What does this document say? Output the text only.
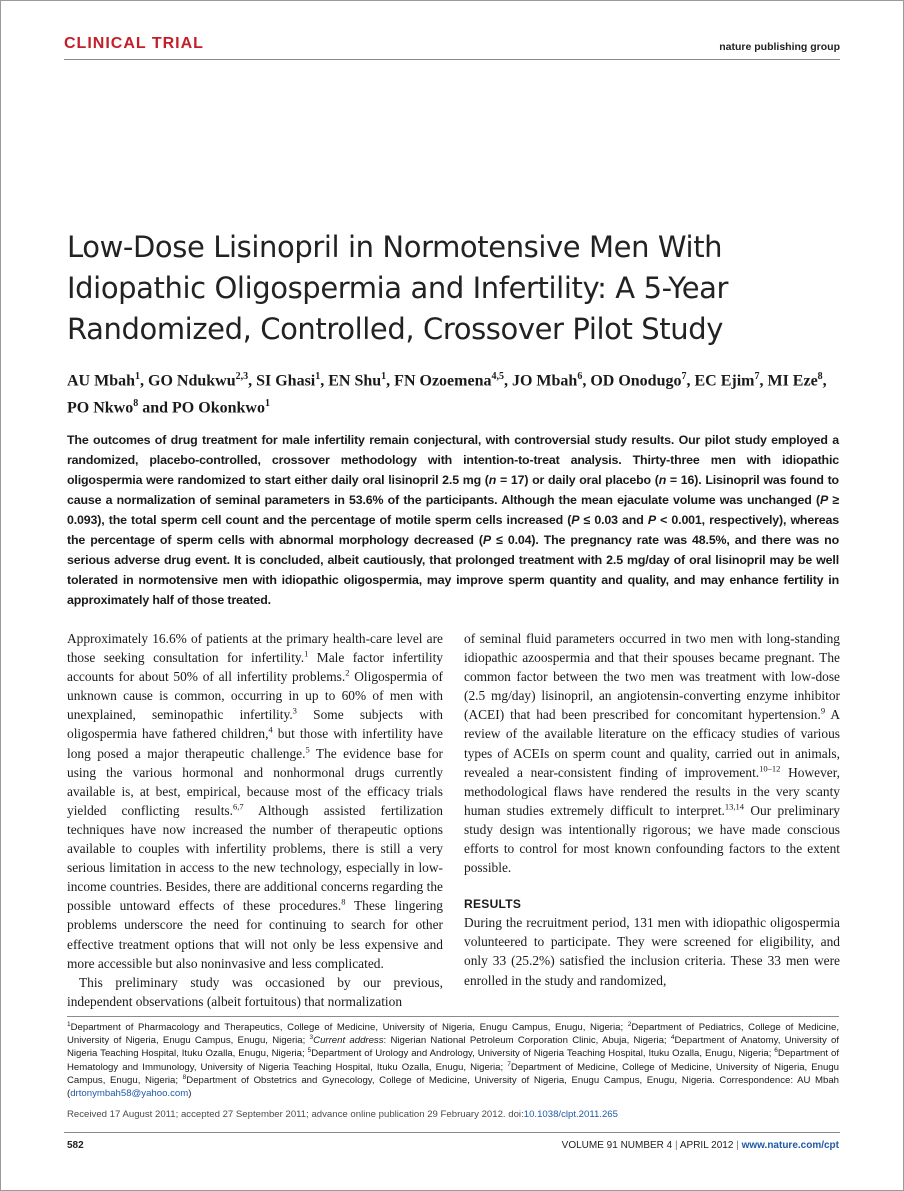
CLINICAL TRIAL	nature publishing group
Low-Dose Lisinopril in Normotensive Men With Idiopathic Oligospermia and Infertility: A 5-Year Randomized, Controlled, Crossover Pilot Study
AU Mbah$^1$, GO Ndukwu$^{2,3}$, SI Ghasi$^1$, EN Shu$^1$, FN Ozoemena$^{4,5}$, JO Mbah$^6$, OD Onodugo$^7$, EC Ejim$^7$, MI Eze$^8$, PO Nkwo$^8$ and PO Okonkwo$^1$
The outcomes of drug treatment for male infertility remain conjectural, with controversial study results. Our pilot study employed a randomized, placebo-controlled, crossover methodology with intention-to-treat analysis. Thirty-three men with idiopathic oligospermia were randomized to start either daily oral lisinopril 2.5 mg (n = 17) or daily oral placebo (n = 16). Lisinopril was found to cause a normalization of seminal parameters in 53.6% of the participants. Although the mean ejaculate volume was unchanged (P ≥ 0.093), the total sperm cell count and the percentage of motile sperm cells increased (P ≤ 0.03 and P < 0.001, respectively), whereas the percentage of sperm cells with abnormal morphology decreased (P ≤ 0.04). The pregnancy rate was 48.5%, and there was no serious adverse drug event. It is concluded, albeit cautiously, that prolonged treatment with 2.5 mg/day of oral lisinopril may be well tolerated in normotensive men with idiopathic oligospermia, may improve sperm quantity and quality, and may enhance fertility in approximately half of those treated.

Approximately 16.6% of patients at the primary health-care level are those seeking consultation for infertility.$^1$ Male factor infertility accounts for about 50% of all infertility problems.$^2$ Oligospermia of unknown cause is common, occurring in up to 60% of men with unexplained, seminopathic infertility.$^3$ Some subjects with oligospermia have fathered children,$^4$ but those with infertility have long posed a major therapeutic challenge.$^5$ The evidence base for using the various hormonal and nonhormonal drugs currently available is, at best, empirical, because most of the efficacy trials yielded conflicting results.$^{6,7}$ Although assisted fertilization techniques have now increased the number of therapeutic options available to couples with infertility problems, there is still a very serious limitation in access to the new technology, especially in low-income countries. Besides, there are additional concerns regarding the possible untoward effects of these procedures.$^8$ These lingering problems underscore the need for continuing to search for other effective treatment options that will not only be less expensive and more accessible but also noninvasive and less complicated.

This preliminary study was occasioned by our previous, independent observations (albeit fortuitous) that normalization

of seminal fluid parameters occurred in two men with long-standing idiopathic azoospermia and that their spouses became pregnant. The common factor between the two men was treatment with low-dose (2.5 mg/day) lisinopril, an angiotensin-converting enzyme inhibitor (ACEI) that had been prescribed for concomitant hypertension.$^9$ A review of the available literature on the efficacy studies of various types of ACEIs on sperm count and quality, carried out in animals, revealed a near-consistent finding of improvement.$^{10-12}$ However, methodological flaws have rendered the results in the very scanty human studies extremely difficult to interpret.$^{13,14}$ Our preliminary study design was intentionally rigorous; we have made conscious efforts to control for most known confounding factors to the extent possible.

RESULTS

During the recruitment period, 131 men with idiopathic oligospermia volunteered to participate. They were screened for eligibility, and only 33 (25.2%) satisfied the inclusion criteria. These 33 men were enrolled in the study and randomized,

$^1$Department of Pharmacology and Therapeutics, College of Medicine, University of Nigeria, Enugu Campus, Enugu, Nigeria; $^2$Department of Pediatrics, College of Medicine, University of Nigeria, Enugu Campus, Enugu, Nigeria; $^3$Current address: Nigerian National Petroleum Corporation Clinic, Abuja, Nigeria; $^4$Department of Anatomy, University of Nigeria Teaching Hospital, Ituku Ozalla, Enugu, Nigeria; $^5$Department of Urology and Andrology, University of Nigeria Teaching Hospital, Ituku Ozalla, Enugu, Nigeria; $^6$Department of Hematology and Immunology, University of Nigeria Teaching Hospital, Ituku Ozalla, Enugu, Nigeria; $^7$Department of Medicine, College of Medicine, University of Nigeria, Enugu Campus, Enugu, Nigeria; $^8$Department of Obstetrics and Gynecology, College of Medicine, University of Nigeria, Enugu Campus, Enugu, Nigeria. Correspondence: AU Mbah (drtonymbah58@yahoo.com)
Received 17 August 2011; accepted 27 September 2011; advance online publication 29 February 2012. doi:10.1038/clpt.2011.265
582	VOLUME 91 NUMBER 4 | APRIL 2012 | www.nature.com/cpt
